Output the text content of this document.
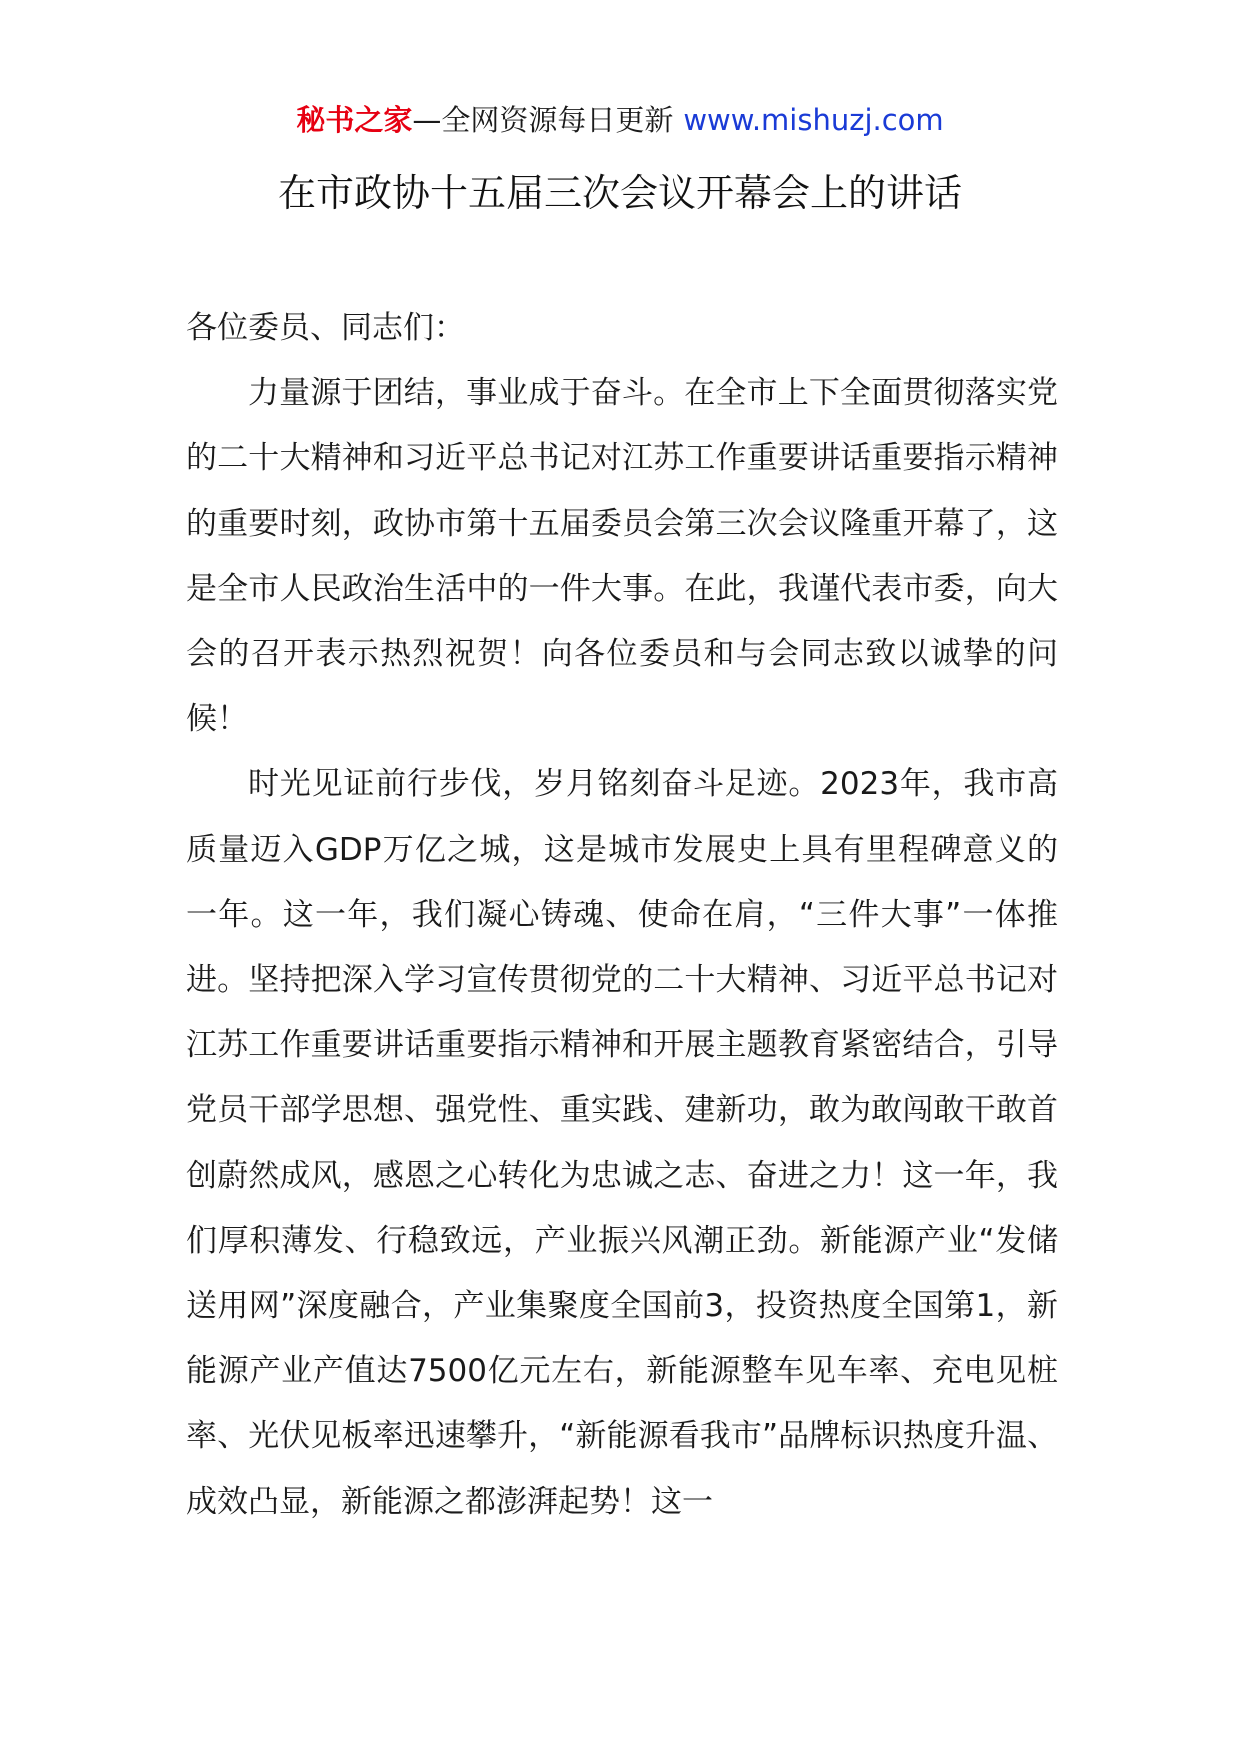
秘书之家—全网资源每日更新 www.mishuzj.com
在市政协十五届三次会议开幕会上的讲话

各位委员、同志们：

力量源于团结，事业成于奋斗。在全市上下全面贯彻落实党的二十大精神和习近平总书记对江苏工作重要讲话重要指示精神的重要时刻，政协市第十五届委员会第三次会议隆重开幕了，这是全市人民政治生活中的一件大事。在此，我谨代表市委，向大会的召开表示热烈祝贺！向各位委员和与会同志致以诚挚的问候！

时光见证前行步伐，岁月铭刻奋斗足迹。2023年，我市高质量迈入GDP万亿之城，这是城市发展史上具有里程碑意义的一年。这一年，我们凝心铸魂、使命在肩，“三件大事”一体推进。坚持把深入学习宣传贯彻党的二十大精神、习近平总书记对江苏工作重要讲话重要指示精神和开展主题教育紧密结合，引导党员干部学思想、强党性、重实践、建新功，敢为敢闯敢干敢首创蔚然成风，感恩之心转化为忠诚之志、奋进之力！这一年，我们厚积薄发、行稳致远，产业振兴风潮正劲。新能源产业“发储送用网”深度融合，产业集聚度全国前3，投资热度全国第1，新能源产业产值达7500亿元左右，新能源整车见车率、充电见桩率、光伏见板率迅速攀升，“新能源看我市”品牌标识热度升温、成效凸显，新能源之都澎湃起势！这一
